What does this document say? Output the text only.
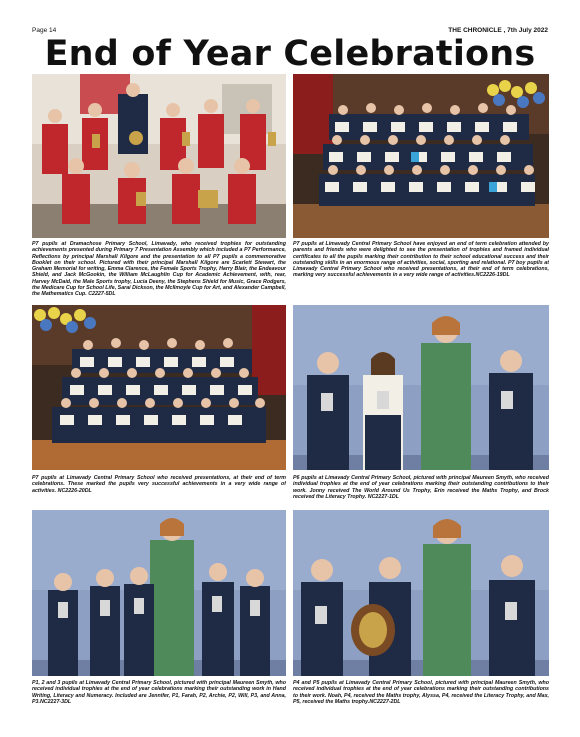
Page 14	THE CHRONICLE , 7th July 2022
End of Year Celebrations

P7 pupils at Dramachose Primary School, Limavady, who received trophies for outstanding achievements presented during Primary 7 Presentation Assembly which included a P7 Performance, Reflections by principal Marshall Kilgore and the presentation to all P7 pupils a commemorative Booklet on their school. Pictured with their principal Marshall Kilgore are Scarlett Stewart, the Graham Memorial for writing, Emma Clarence, the Female Sports Trophy, Harry Blair, the Endeavour Shield, and Jack McGookin, the William McLaughlin Cup for Academic Achievement, with, rear, Harvey McDaid, the Male Sports trophy, Lucia Deeny, the Stephens Shield for Music, Grace Rodgers, the Medicare Cup for School Life, Sarai Dickson, the McIlmoyle Cup for Art, and Alexander Campbell, the Mathematics Cup. C2227-5DL

P7 pupils at Limavady Central Primary School have enjoyed an end of term celebration attended by parents and friends who were delighted to see the presentation of trophies and framed individual certificates to all the pupils marking their contribution to their school educational success and their outstanding skills in an enormous range of activities, social, sporting and relational. P7 boy pupils at Limavady Central Primary School who received presentations, at their end of term celebrations, marking very successful achievements in a very wide range of activities.NC2226-19DL

P7 pupils at Limavady Central Primary School who received presentations, at their end of term celebrations. These marked the pupils very successful achievements in a very wide range of activities. NC2226-20DL

P6 pupils at Limavady Central Primary School, pictured with principal Maureen Smyth, who received individual trophies at the end of year celebrations marking their outstanding contributions to their work. Jonny received The World Around Us Trophy, Erin received the Maths Trophy, and Brock received the Literacy Trophy. NC2227-1DL

P1, 2 and 3 pupils at Limavady Central Primary School, pictured with principal Maureen Smyth, who received individual trophies at the end of year celebrations marking their outstanding work in Hand Writing, Literacy and Numeracy. Included are Jennifer, P1, Farah, P2, Archie, P2, Will, P3, and Anna, P3.NC2227-3DL

P4 and P5 pupils at Limavady Central Primary School, pictured with principal Maureen Smyth, who received individual trophies at the end of year celebrations marking their outstanding contributions to their work. Noah, P4, received the Maths trophy, Alyssa, P4, received the Literacy Trophy, and Max, P5, received the Maths trophy.NC2227-2DL
